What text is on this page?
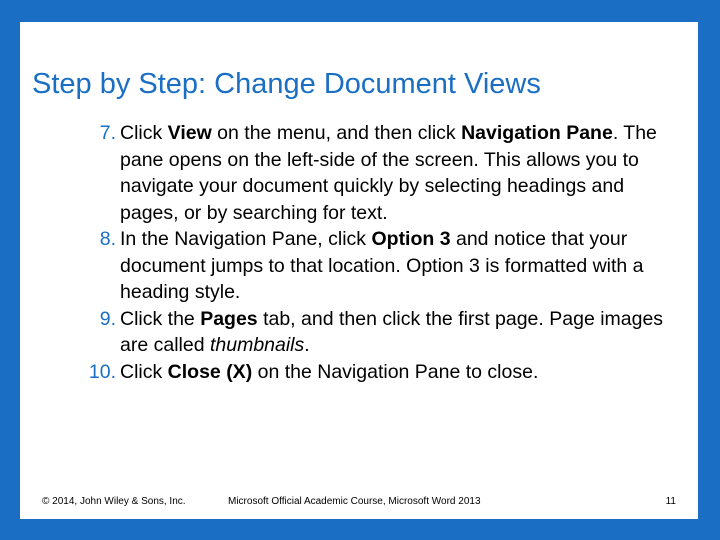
Step by Step: Change Document Views
7. Click View on the menu, and then click Navigation Pane. The pane opens on the left-side of the screen. This allows you to navigate your document quickly by selecting headings and pages, or by searching for text.
8. In the Navigation Pane, click Option 3 and notice that your document jumps to that location. Option 3 is formatted with a heading style.
9. Click the Pages tab, and then click the first page. Page images are called thumbnails.
10. Click Close (X) on the Navigation Pane to close.
© 2014, John Wiley & Sons, Inc.	Microsoft Official Academic Course, Microsoft Word 2013	11
